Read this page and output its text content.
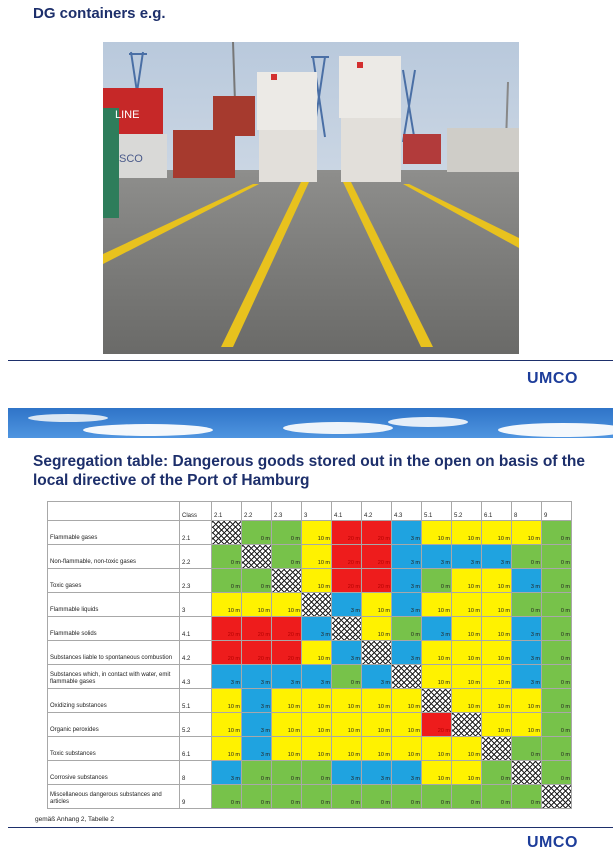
DG containers e.g.
LINE
SCO
UMCO
Segregation table: Dangerous goods stored out in the open on basis of the local directive of the Port of Hamburg
	Class	2.1	2.2	2.3	3	4.1	4.2	4.3	5.1	5.2	6.1	8	9
Flammable gases	2.1		0 m	0 m	10 m	20 m	20 m	3 m	10 m	10 m	10 m	10 m	0 m
Non-flammable, non-toxic gases	2.2	0 m		0 m	10 m	20 m	20 m	3 m	3 m	3 m	3 m	0 m	0 m
Toxic gases	2.3	0 m	0 m		10 m	20 m	20 m	3 m	0 m	10 m	10 m	3 m	0 m
Flammable liquids	3	10 m	10 m	10 m		3 m	10 m	3 m	10 m	10 m	10 m	0 m	0 m
Flammable solids	4.1	20 m	20 m	20 m	3 m		10 m	0 m	3 m	10 m	10 m	3 m	0 m
Substances liable to spontaneous combustion	4.2	20 m	20 m	20 m	10 m	3 m		3 m	10 m	10 m	10 m	3 m	0 m
Substances which, in contact with water, emit flammable gases	4.3	3 m	3 m	3 m	3 m	0 m	3 m		10 m	10 m	10 m	3 m	0 m
Oxidizing substances	5.1	10 m	3 m	10 m	10 m	10 m	10 m	10 m		10 m	10 m	10 m	0 m
Organic peroxides	5.2	10 m	3 m	10 m	10 m	10 m	10 m	10 m	20 m		10 m	10 m	0 m
Toxic substances	6.1	10 m	3 m	10 m	10 m	10 m	10 m	10 m	10 m	10 m		0 m	0 m
Corrosive substances	8	3 m	0 m	0 m	0 m	3 m	3 m	3 m	10 m	10 m	0 m		0 m
Miscellaneous dangerous substances and articles	9	0 m	0 m	0 m	0 m	0 m	0 m	0 m	0 m	0 m	0 m	0 m	
gemäß Anhang 2, Tabelle 2
UMCO
